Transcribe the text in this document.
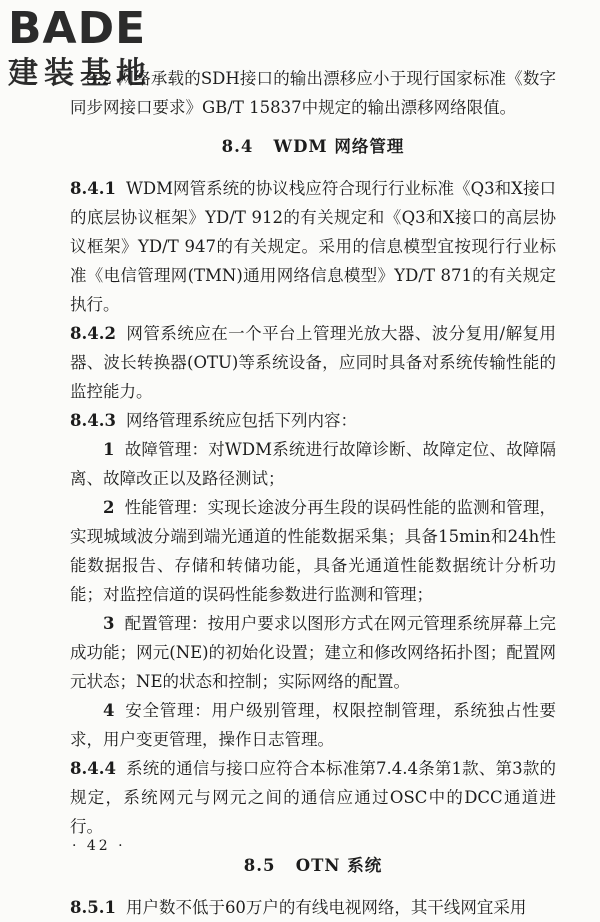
BADE
建装基地

3.2 网络承载的SDH接口的输出漂移应小于现行国家标准《数字同步网接口要求》GB/T 15837中规定的输出漂移网络限值。

8.4 WDM 网络管理

8.4.1 WDM网管系统的协议栈应符合现行行业标准《Q3和X接口的底层协议框架》YD/T 912的有关规定和《Q3和X接口的高层协议框架》YD/T 947的有关规定。采用的信息模型宜按现行行业标准《电信管理网(TMN)通用网络信息模型》YD/T 871的有关规定执行。

8.4.2 网管系统应在一个平台上管理光放大器、波分复用/解复用器、波长转换器(OTU)等系统设备，应同时具备对系统传输性能的监控能力。

8.4.3 网络管理系统应包括下列内容：

1 故障管理：对WDM系统进行故障诊断、故障定位、故障隔离、故障改正以及路径测试；

2 性能管理：实现长途波分再生段的误码性能的监测和管理，实现城域波分端到端光通道的性能数据采集；具备15min和24h性能数据报告、存储和转储功能，具备光通道性能数据统计分析功能；对监控信道的误码性能参数进行监测和管理；

3 配置管理：按用户要求以图形方式在网元管理系统屏幕上完成功能；网元(NE)的初始化设置；建立和修改网络拓扑图；配置网元状态；NE的状态和控制；实际网络的配置。

4 安全管理：用户级别管理，权限控制管理，系统独占性要求，用户变更管理，操作日志管理。

8.4.4 系统的通信与接口应符合本标准第7.4.4条第1款、第3款的规定，系统网元与网元之间的通信应通过OSC中的DCC通道进行。

8.5 OTN 系统

8.5.1 用户数不低于60万户的有线电视网络，其干线网宜采用

· 42 ·
